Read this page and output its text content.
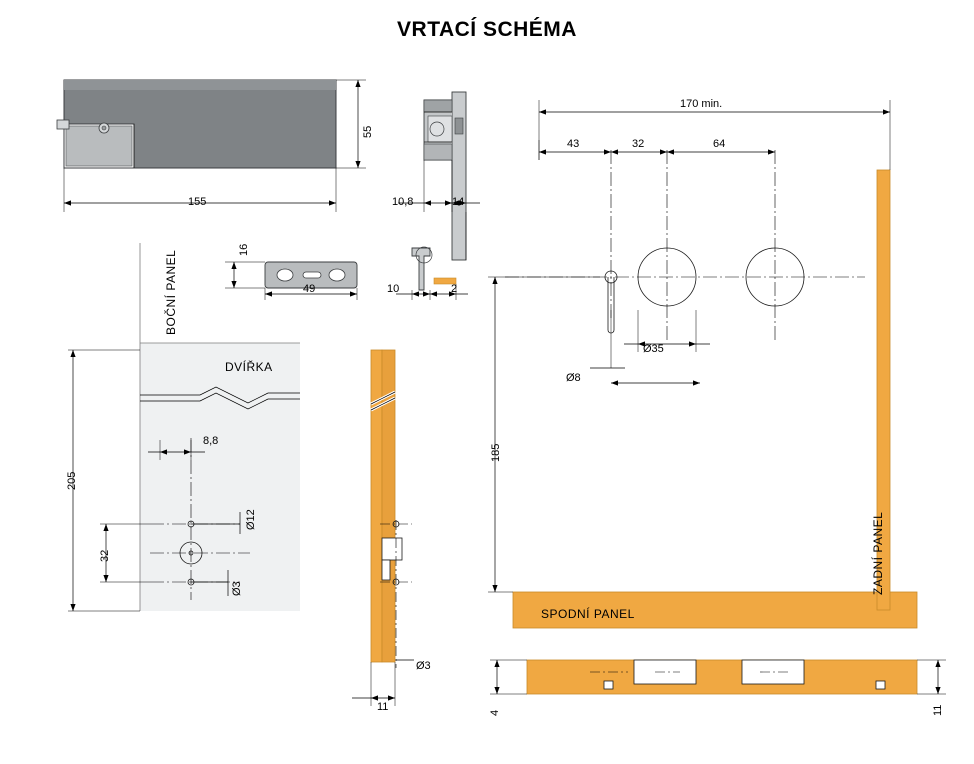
VRTACÍ SCHÉMA
55
155	10,8	14
16
49	10	2
BOČNÍ PANEL
DVÍŘKA
205
8,8
32
Ø12
Ø3
Ø3
11
170 min.
43	32	64
185
Ø8
Ø35
SPODNÍ PANEL
ZADNÍ PANEL
4	11
